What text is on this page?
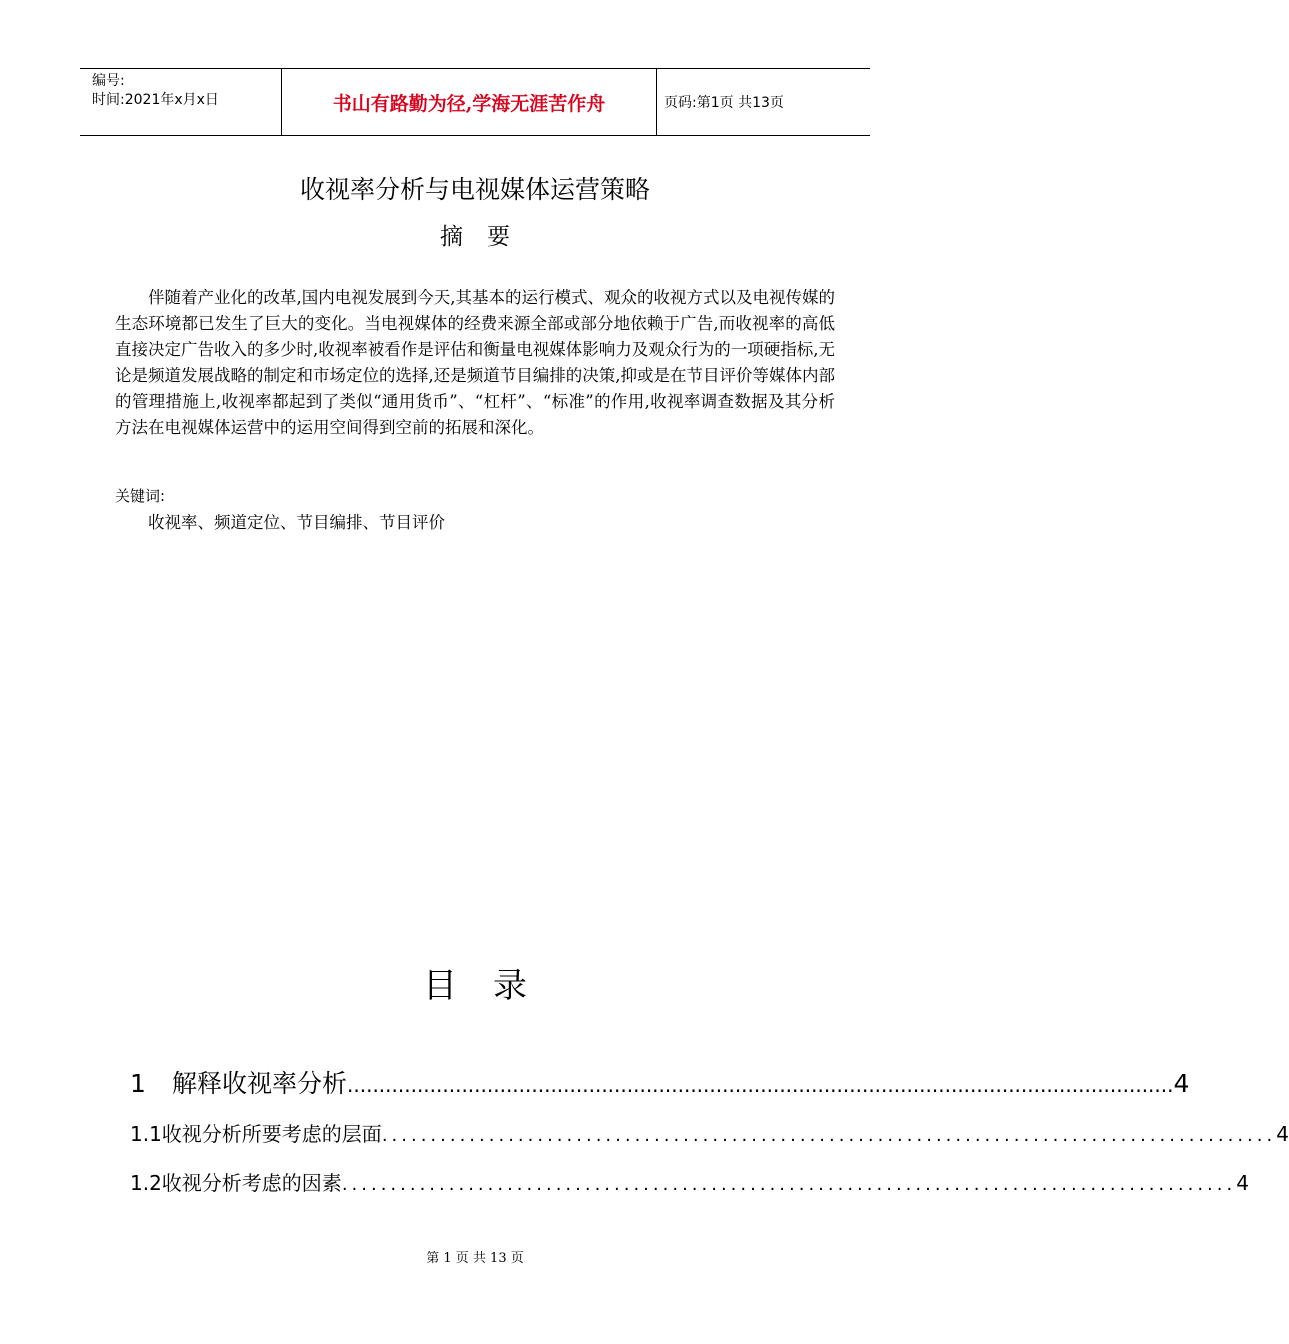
编号:
时间:2021年x月x日	书山有路勤为径,学海无涯苦作舟	页码:第1页 共13页
收视率分析与电视媒体运营策略
摘要

伴随着产业化的改革,国内电视发展到今天,其基本的运行模式、观众的收视方式以及电视传媒的生态环境都已发生了巨大的变化。当电视媒体的经费来源全部或部分地依赖于广告,而收视率的高低直接决定广告收入的多少时,收视率被看作是评估和衡量电视媒体影响力及观众行为的一项硬指标,无论是频道发展战略的制定和市场定位的选择,还是频道节目编排的决策,抑或是在节目评价等媒体内部的管理措施上,收视率都起到了类似“通用货币”、“杠杆”、“标准”的作用,收视率调查数据及其分析方法在电视媒体运营中的运用空间得到空前的拓展和深化。

关键词:
收视率、频道定位、节目编排、节目评价
目录
1 解释收视率分析 .................................................................................................................................. 4
1.1收视分析所要考虑的层面 ............................................................................................ 4
1.2收视分析考虑的因素 ............................................................................................ 4
第 1 页 共 13 页
